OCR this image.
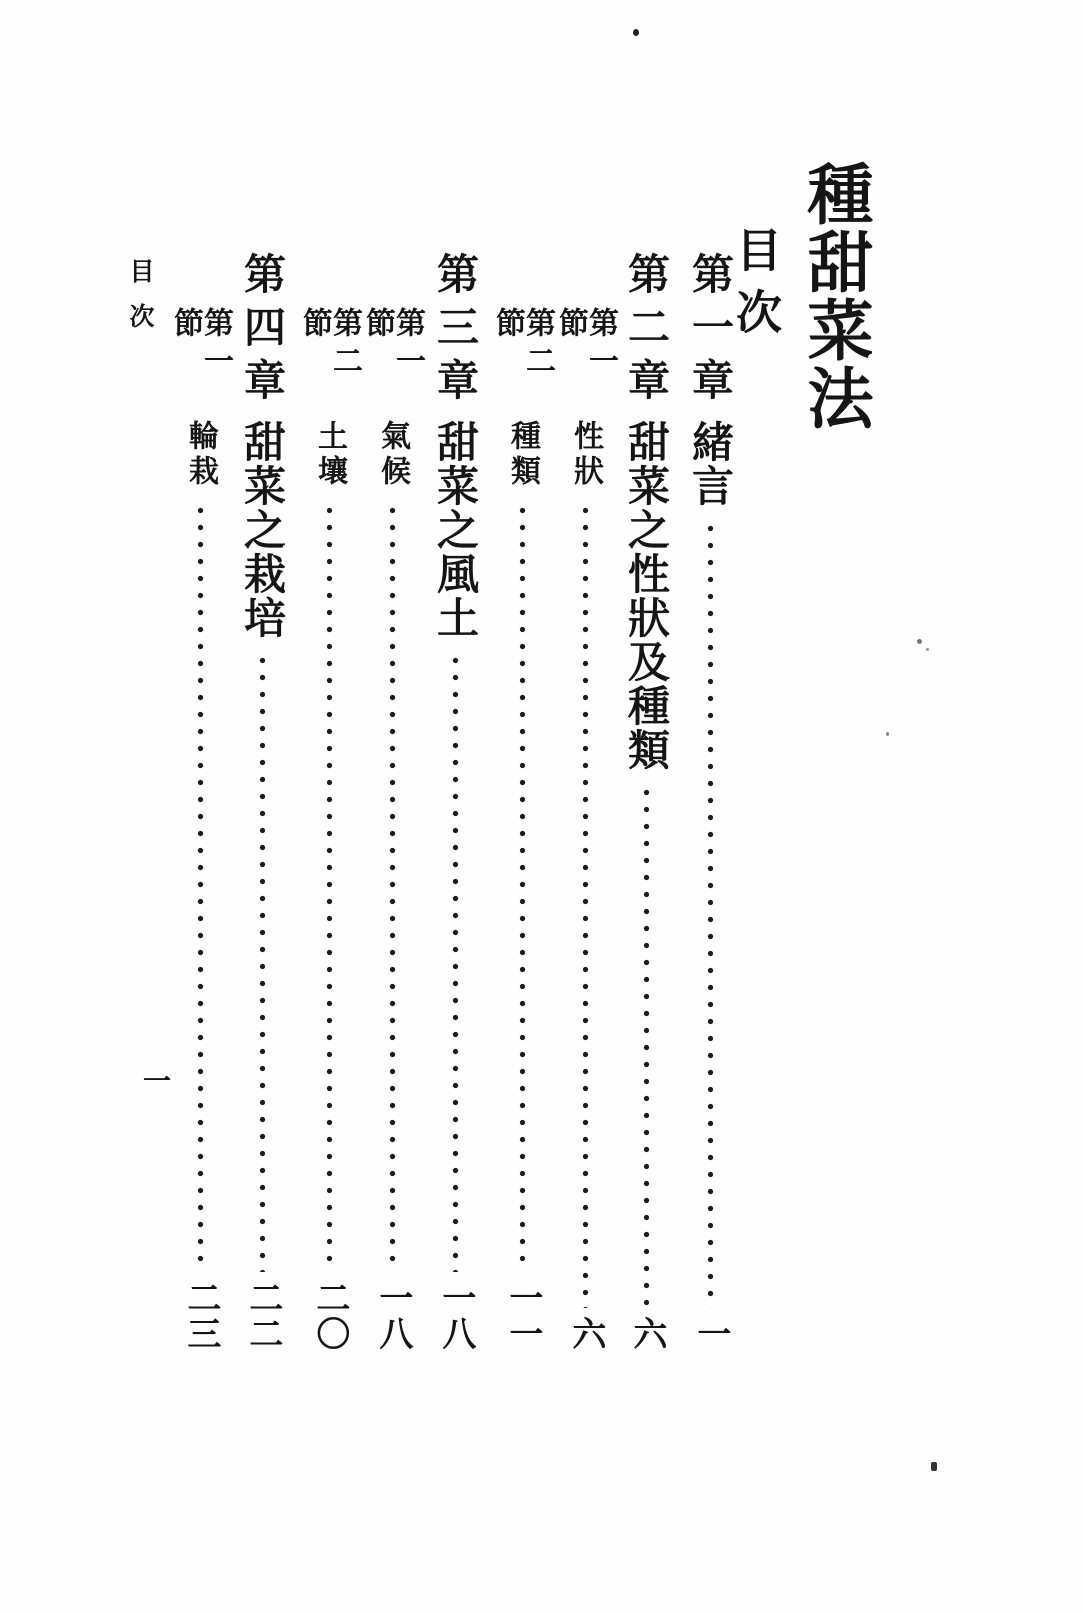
種甜菜法
目次
目次
一
第一章
緒言
一
第二章
甜菜之性狀及種類
六
第一節
性狀
六
第二節
種類
一一
第三章
甜菜之風土
一八
第一節
氣候
一八
第二節
土壤
二〇
第四章
甜菜之栽培
二二
第一節
輪栽
二三
